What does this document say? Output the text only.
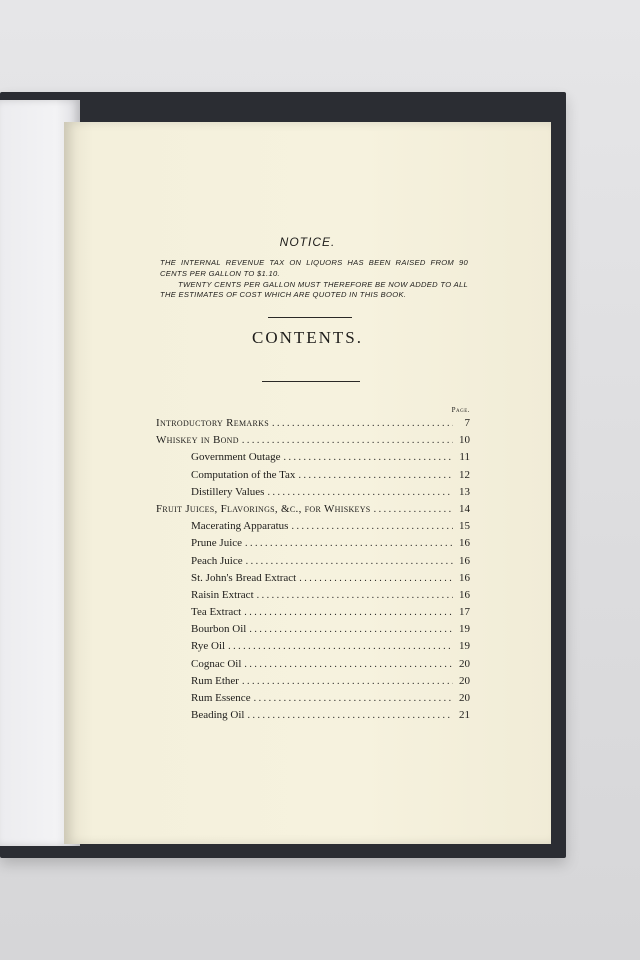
NOTICE.

THE INTERNAL REVENUE TAX ON LIQUORS HAS BEEN RAISED FROM 90 CENTS PER GALLON TO $1.10.

TWENTY CENTS PER GALLON MUST THEREFORE BE NOW ADDED TO ALL THE ESTIMATES OF COST WHICH ARE QUOTED IN THIS BOOK.

CONTENTS.
Page.
Introductory Remarks . . .	7
Whiskey in Bond . . .	10
Government Outage . . .	11
Computation of the Tax . . .	12
Distillery Values . . .	13
Fruit Juices, Flavorings, &c., for Whiskeys . . .	14
Macerating Apparatus . . .	15
Prune Juice . . .	16
Peach Juice . . .	16
St. John's Bread Extract . . .	16
Raisin Extract . . .	16
Tea Extract . . .	17
Bourbon Oil . . .	19
Rye Oil . . .	19
Cognac Oil . . .	20
Rum Ether . . .	20
Rum Essence . . .	20
Beading Oil . . .	21
